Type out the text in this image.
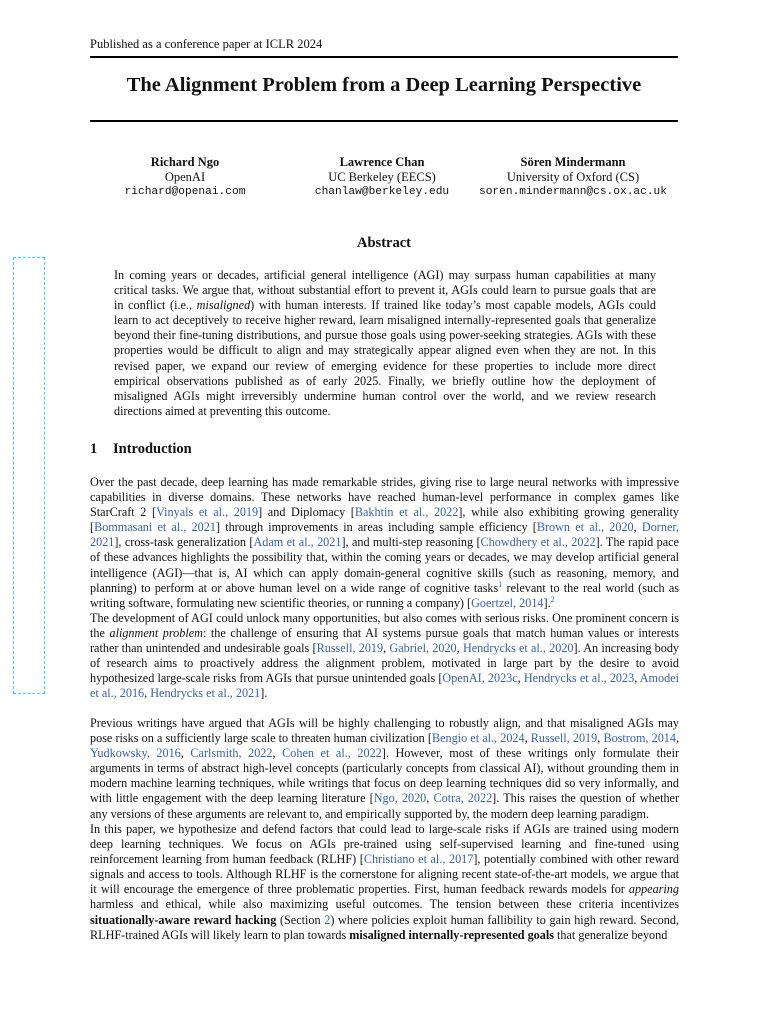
Published as a conference paper at ICLR 2024
The Alignment Problem from a Deep Learning Perspective
Richard Ngo
OpenAI
richard@openai.com
Lawrence Chan
UC Berkeley (EECS)
chanlaw@berkeley.edu
Sören Mindermann
University of Oxford (CS)
soren.mindermann@cs.ox.ac.uk
Abstract

In coming years or decades, artificial general intelligence (AGI) may surpass human capabilities at many critical tasks. We argue that, without substantial effort to prevent it, AGIs could learn to pursue goals that are in conflict (i.e., misaligned) with human interests. If trained like today’s most capable models, AGIs could learn to act deceptively to receive higher reward, learn misaligned internally-represented goals that generalize beyond their fine-tuning distributions, and pursue those goals using power-seeking strategies. AGIs with these properties would be difficult to align and may strategically appear aligned even when they are not. In this revised paper, we expand our review of emerging evidence for these properties to include more direct empirical observations published as of early 2025. Finally, we briefly outline how the deployment of misaligned AGIs might irreversibly undermine human control over the world, and we review research directions aimed at preventing this outcome.

1 Introduction

Over the past decade, deep learning has made remarkable strides, giving rise to large neural networks with impressive capabilities in diverse domains. These networks have reached human-level performance in complex games like StarCraft 2 [Vinyals et al., 2019] and Diplomacy [Bakhtin et al., 2022], while also exhibiting growing generality [Bommasani et al., 2021] through improvements in areas including sample efficiency [Brown et al., 2020, Dorner, 2021], cross-task generalization [Adam et al., 2021], and multi-step reasoning [Chowdhery et al., 2022]. The rapid pace of these advances highlights the possibility that, within the coming years or decades, we may develop artificial general intelligence (AGI)—that is, AI which can apply domain-general cognitive skills (such as reasoning, memory, and planning) to perform at or above human level on a wide range of cognitive tasks$^1$ relevant to the real world (such as writing software, formulating new scientific theories, or running a company) [Goertzel, 2014].$^2$

The development of AGI could unlock many opportunities, but also comes with serious risks. One prominent concern is the alignment problem: the challenge of ensuring that AI systems pursue goals that match human values or interests rather than unintended and undesirable goals [Russell, 2019, Gabriel, 2020, Hendrycks et al., 2020]. An increasing body of research aims to proactively address the alignment problem, motivated in large part by the desire to avoid hypothesized large-scale risks from AGIs that pursue unintended goals [OpenAI, 2023c, Hendrycks et al., 2023, Amodei et al., 2016, Hendrycks et al., 2021].

Previous writings have argued that AGIs will be highly challenging to robustly align, and that misaligned AGIs may pose risks on a sufficiently large scale to threaten human civilization [Bengio et al., 2024, Russell, 2019, Bostrom, 2014, Yudkowsky, 2016, Carlsmith, 2022, Cohen et al., 2022]. However, most of these writings only formulate their arguments in terms of abstract high-level concepts (particularly concepts from classical AI), without grounding them in modern machine learning techniques, while writings that focus on deep learning techniques did so very informally, and with little engagement with the deep learning literature [Ngo, 2020, Cotra, 2022]. This raises the question of whether any versions of these arguments are relevant to, and empirically supported by, the modern deep learning paradigm.

In this paper, we hypothesize and defend factors that could lead to large-scale risks if AGIs are trained using modern deep learning techniques. We focus on AGIs pre-trained using self-supervised learning and fine-tuned using reinforcement learning from human feedback (RLHF) [Christiano et al., 2017], potentially combined with other reward signals and access to tools. Although RLHF is the cornerstone for aligning recent state-of-the-art models, we argue that it will encourage the emergence of three problematic properties. First, human feedback rewards models for appearing harmless and ethical, while also maximizing useful outcomes. The tension between these criteria incentivizes situationally-aware reward hacking (Section 2) where policies exploit human fallibility to gain high reward. Second, RLHF-trained AGIs will likely learn to plan towards misaligned internally-represented goals that generalize beyond
